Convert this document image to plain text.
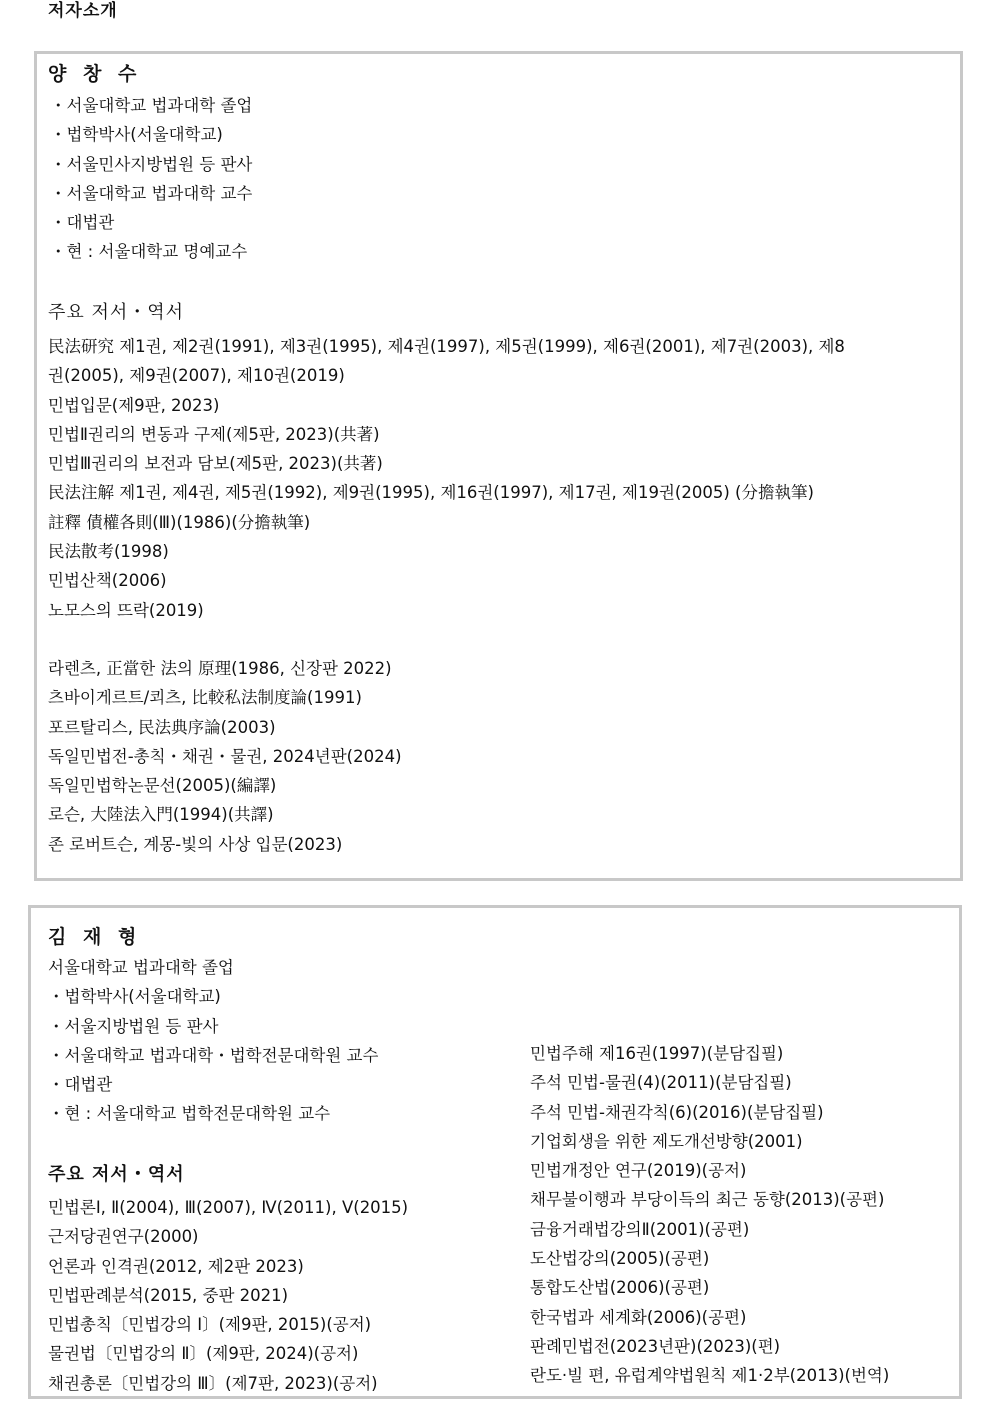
저자소개
양 창 수
・서울대학교 법과대학 졸업
・법학박사(서울대학교)
・서울민사지방법원 등 판사
・서울대학교 법과대학 교수
・대법관
・현 : 서울대학교 명예교수
주요 저서・역서
民法研究 제1권, 제2권(1991), 제3권(1995), 제4권(1997), 제5권(1999), 제6권(2001), 제7권(2003), 제8
권(2005), 제9권(2007), 제10권(2019)
민법입문(제9판, 2023)
민법Ⅱ권리의 변동과 구제(제5판, 2023)(共著)
민법Ⅲ권리의 보전과 담보(제5판, 2023)(共著)
民法注解 제1권, 제4권, 제5권(1992), 제9권(1995), 제16권(1997), 제17권, 제19권(2005) (分擔執筆)
註釋 債權各則(Ⅲ)(1986)(分擔執筆)
民法散考(1998)
민법산책(2006)
노모스의 뜨락(2019)
라렌츠, 正當한 法의 原理(1986, 신장판 2022)
츠바이게르트/쾨츠, 比較私法制度論(1991)
포르탈리스, 民法典序論(2003)
독일민법전-총칙・채권・물권, 2024년판(2024)
독일민법학논문선(2005)(編譯)
로슨, 大陸法入門(1994)(共譯)
존 로버트슨, 계몽-빛의 사상 입문(2023)
김 재 형
서울대학교 법과대학 졸업
・법학박사(서울대학교)
・서울지방법원 등 판사
・서울대학교 법과대학・법학전문대학원 교수
・대법관
・현 : 서울대학교 법학전문대학원 교수
주요 저서・역서
민법론Ⅰ, Ⅱ(2004), Ⅲ(2007), Ⅳ(2011), Ⅴ(2015)
근저당권연구(2000)
언론과 인격권(2012, 제2판 2023)
민법판례분석(2015, 중판 2021)
민법총칙〔민법강의 Ⅰ〕(제9판, 2015)(공저)
물권법〔민법강의 Ⅱ〕(제9판, 2024)(공저)
채권총론〔민법강의 Ⅲ〕(제7판, 2023)(공저)
민법주해 제16권(1997)(분담집필)
주석 민법-물권(4)(2011)(분담집필)
주석 민법-채권각칙(6)(2016)(분담집필)
기업회생을 위한 제도개선방향(2001)
민법개정안 연구(2019)(공저)
채무불이행과 부당이득의 최근 동향(2013)(공편)
금융거래법강의Ⅱ(2001)(공편)
도산법강의(2005)(공편)
통합도산법(2006)(공편)
한국법과 세계화(2006)(공편)
판례민법전(2023년판)(2023)(편)
란도·빌 편, 유럽계약법원칙 제1·2부(2013)(번역)
